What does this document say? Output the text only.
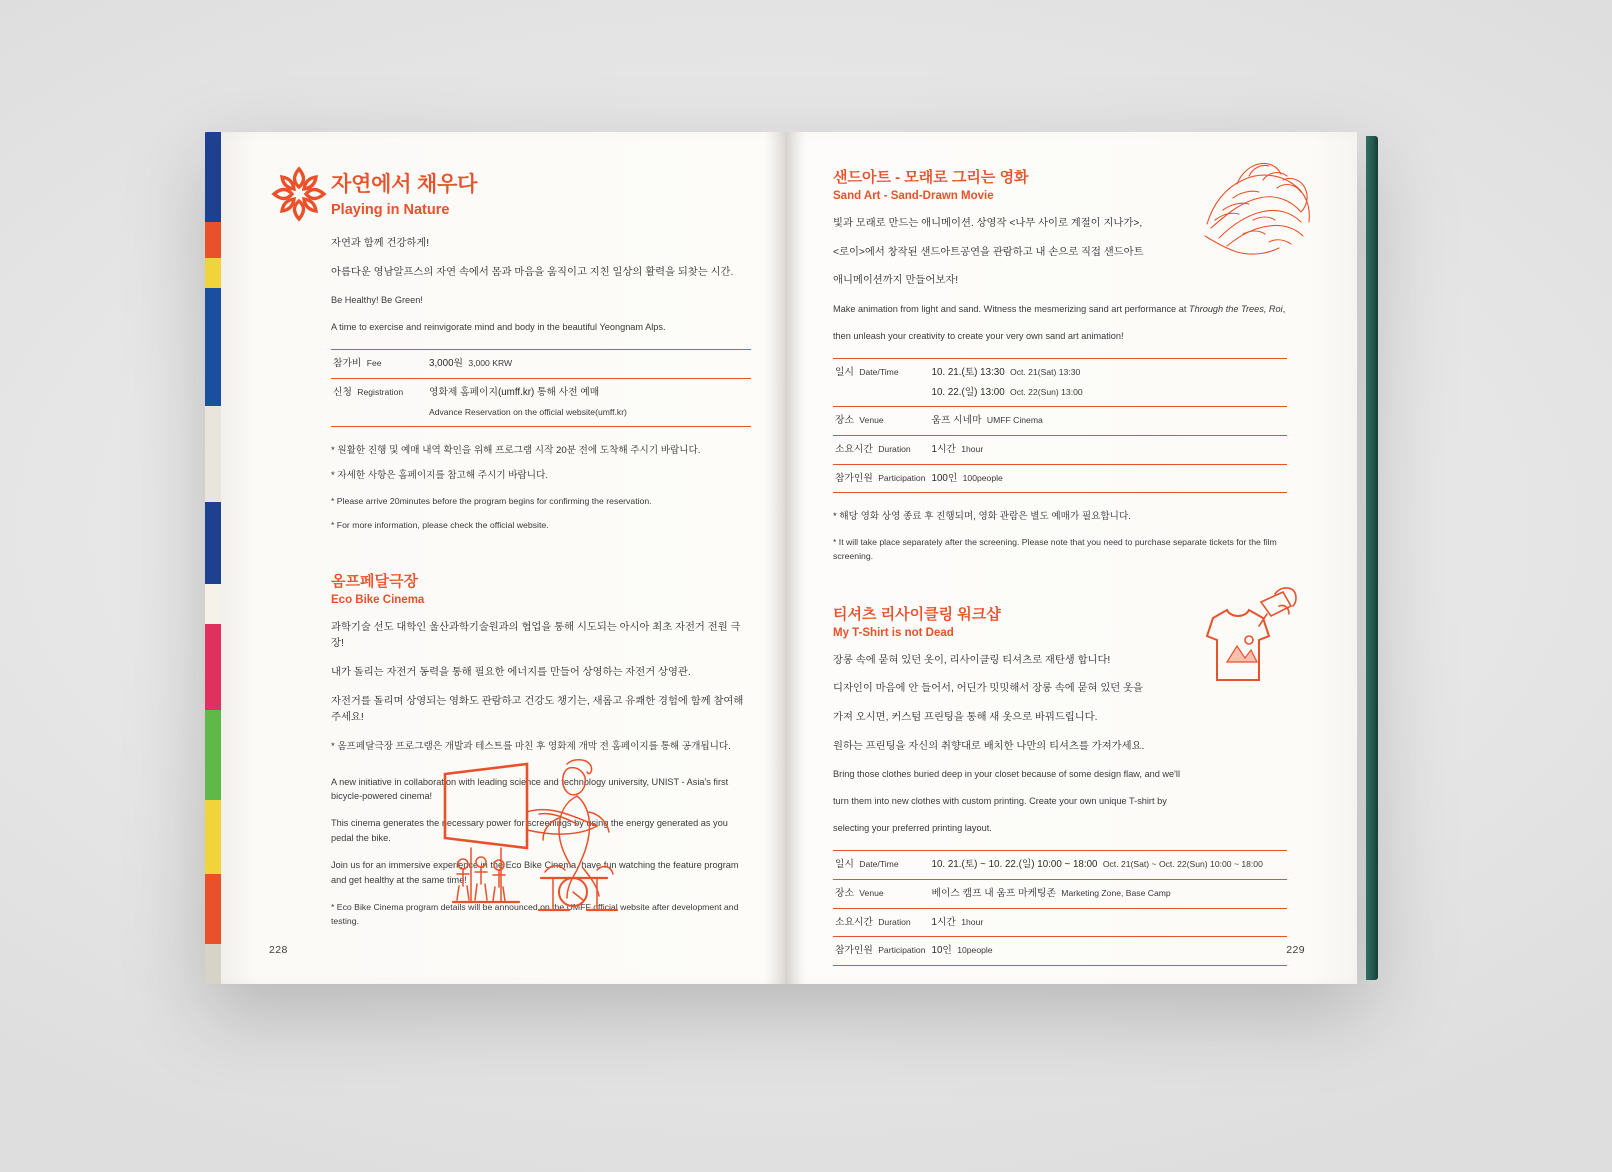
자연에서 채우다
Playing in Nature

자연과 함께 건강하게!

아름다운 영남알프스의 자연 속에서 몸과 마음을 움직이고 지친 일상의 활력을 되찾는 시간.

Be Healthy! Be Green!

A time to exercise and reinvigorate mind and body in the beautiful Yeongnam Alps.

참가비 Fee	3,000원 3,000 KRW

신청 Registration	영화제 홈페이지(umff.kr) 통해 사전 예매
Advance Reservation on the official website(umff.kr)

* 원활한 진행 및 예매 내역 확인을 위해 프로그램 시작 20분 전에 도착해 주시기 바랍니다.

* 자세한 사항은 홈페이지를 참고해 주시기 바랍니다.

* Please arrive 20minutes before the program begins for confirming the reservation.

* For more information, please check the official website.

옴프페달극장
Eco Bike Cinema

과학기술 선도 대학인 울산과학기술원과의 협업을 통해 시도되는 아시아 최초 자전거 전원 극장!

내가 돌리는 자전거 동력을 통해 필요한 에너지를 만들어 상영하는 자전거 상영관.

자전거를 돌리며 상영되는 영화도 관람하고 건강도 챙기는, 새롭고 유쾌한 경험에 함께 참여해주세요!

* 옴프페달극장 프로그램은 개발과 테스트를 마친 후 영화제 개막 전 홈페이지를 통해 공개됩니다.

A new initiative in collaboration with leading science and technology university, UNIST - Asia's first bicycle-powered cinema!

This cinema generates the necessary power for screenings by using the energy generated as you pedal the bike.

Join us for an immersive experience in the Eco Bike Cinema, have fun watching the feature program and get healthy at the same time!

* Eco Bike Cinema program details will be announced on the UMFF official website after development and testing.

228
샌드아트 - 모래로 그리는 영화
Sand Art - Sand-Drawn Movie

빛과 모래로 만드는 애니메이션. 상영작 <나무 사이로 계절이 지나가>,

<로이>에서 창작된 샌드아트공연을 관람하고 내 손으로 직접 샌드아트

애니메이션까지 만들어보자!

Make animation from light and sand. Witness the mesmerizing sand art performance at Through the Trees, Roi,

then unleash your creativity to create your very own sand art animation!

일시 Date/Time	10. 21.(토) 13:30 Oct. 21(Sat) 13:30
10. 22.(일) 13:00 Oct. 22(Sun) 13:00

장소 Venue	움프 시네마 UMFF Cinema

소요시간 Duration	1시간 1hour

참가인원 Participation	100인 100people

* 해당 영화 상영 종료 후 진행되며, 영화 관람은 별도 예매가 필요합니다.

* It will take place separately after the screening. Please note that you need to purchase separate tickets for the film screening.

티셔츠 리사이클링 워크샵
My T-Shirt is not Dead

장롱 속에 묻혀 있던 옷이, 리사이클링 티셔츠로 재탄생 합니다!

디자인이 마음에 안 들어서, 어딘가 밋밋해서 장롱 속에 묻혀 있던 옷을

가져 오시면, 커스텀 프린팅을 통해 새 옷으로 바꿔드립니다.

원하는 프린팅을 자신의 취향대로 배치한 나만의 티셔츠를 가져가세요.

Bring those clothes buried deep in your closet because of some design flaw, and we'll

turn them into new clothes with custom printing. Create your own unique T-shirt by

selecting your preferred printing layout.

일시 Date/Time	10. 21.(토) ~ 10. 22.(일) 10:00 ~ 18:00 Oct. 21(Sat) ~ Oct. 22(Sun) 10:00 ~ 18:00

장소 Venue	베이스 캠프 내 움프 마케팅존 Marketing Zone, Base Camp

소요시간 Duration	1시간 1hour

참가인원 Participation	10인 10people	229
